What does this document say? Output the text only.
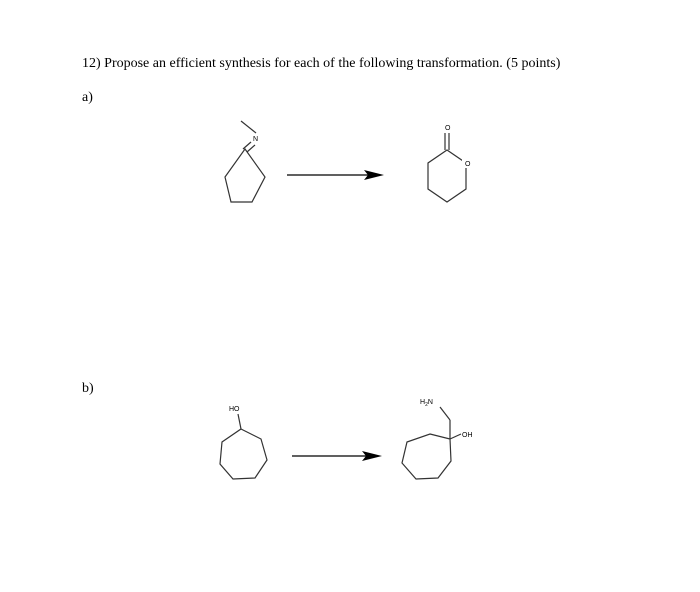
12) Propose an efficient synthesis for each of the following transformation. (5 points)
a)
b)
N
O
O
HO
$H_2N$
OH
